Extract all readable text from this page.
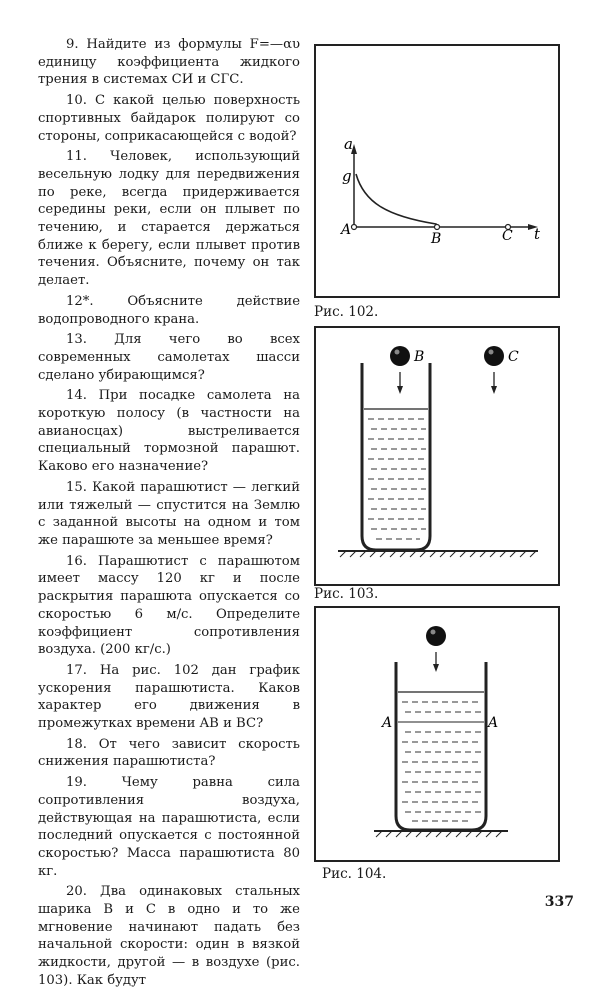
9. Найдите из формулы F=—αυ единицу коэффициента жидкого трения в системах СИ и СГС.

10. С какой целью поверхность спортивных байдарок полируют со стороны, соприкасающейся с водой?

11. Человек, использующий весельную лодку для передвижения по реке, всегда придерживается середины реки, если он плывет по течению, и старается держаться ближе к берегу, если плывет против течения. Объясните, почему он так делает.

12*. Объясните действие водопроводного крана.

13. Для чего во всех современных самолетах шасси сделано убирающимся?

14. При посадке самолета на короткую полосу (в частности на авианосцах) выстреливается специальный тормозной парашют. Каково его назначение?

15. Какой парашютист — легкий или тяжелый — спустится на Землю с заданной высоты на одном и том же парашюте за меньшее время?

16. Парашютист с парашютом имеет массу 120 кг и после раскрытия парашюта опускается со скоростью 6 м/с. Определите коэффициент сопротивления воздуха. (200 кг/с.)

17. На рис. 102 дан график ускорения парашютиста. Каков характер его движения в промежутках времени AB и BC?

18. От чего зависит скорость снижения парашютиста?

19. Чему равна сила сопротивления воздуха, действующая на парашютиста, если последний опускается с постоянной скоростью? Масса парашютиста 80 кг.

20. Два одинаковых стальных шарика B и C в одно и то же мгновение начинают падать без начальной скорости: один в вязкой жидкости, другой — в воздухе (рис. 103). Как будут

a
g
A
B	C t
Рис. 102.
B	C
Рис. 103.
A	A
Рис. 104.
337
